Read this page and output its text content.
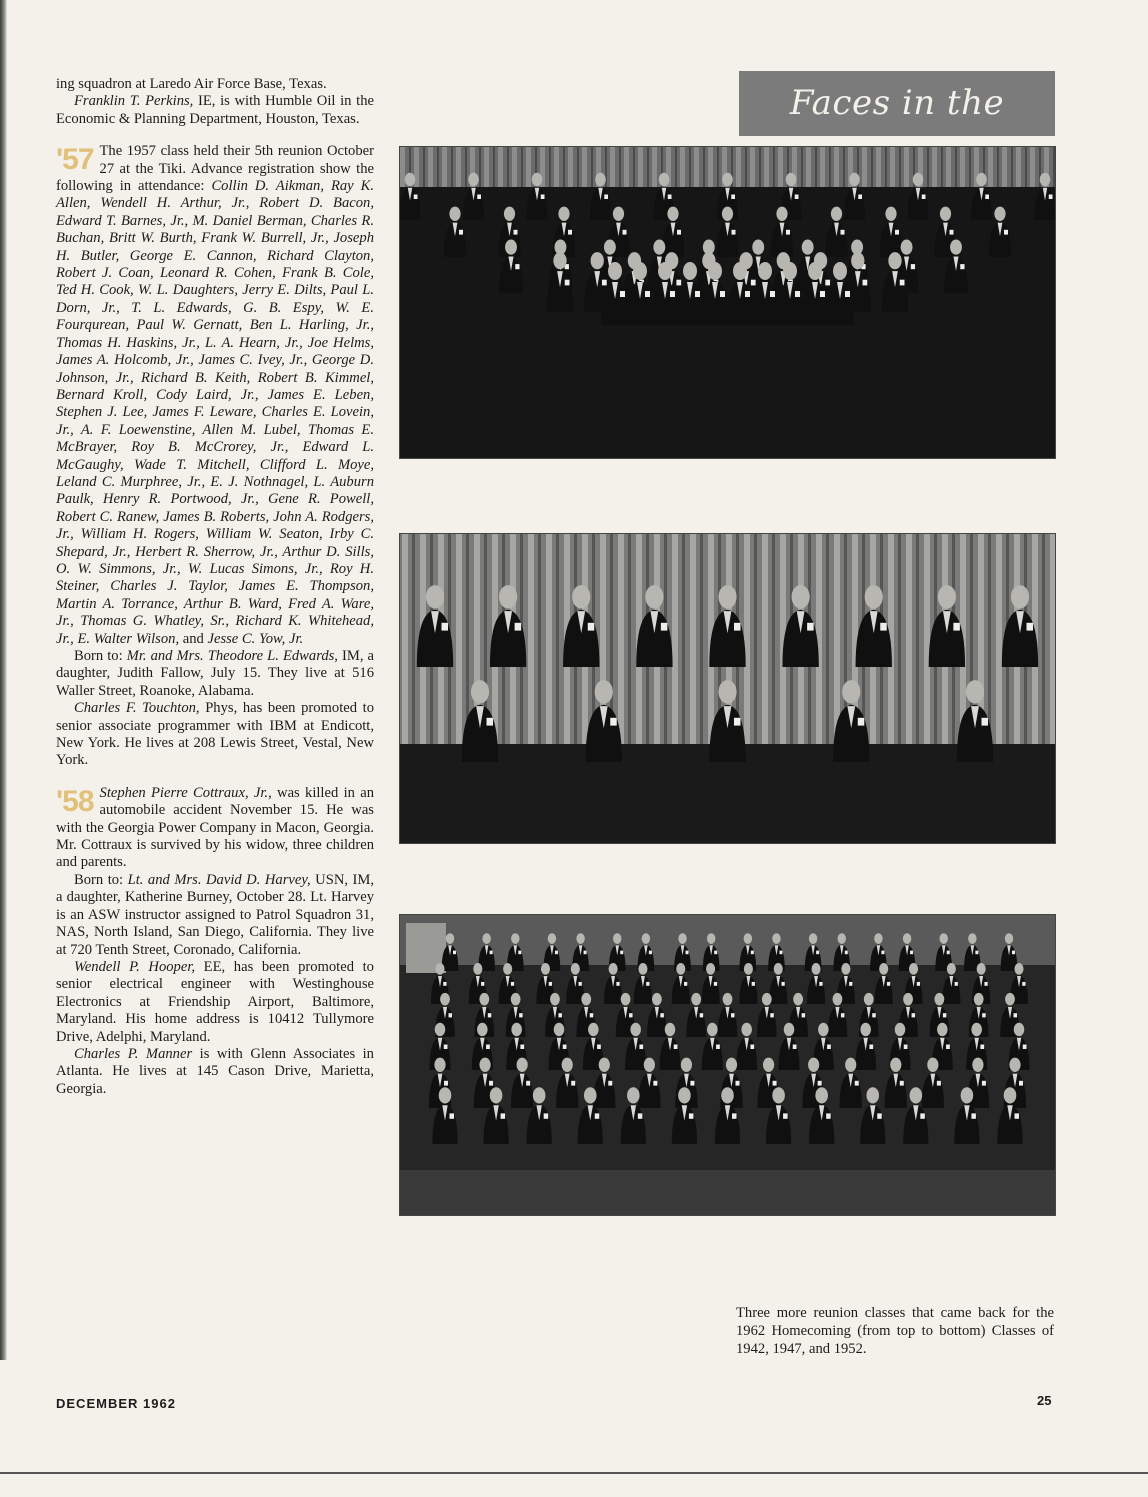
ing squadron at Laredo Air Force Base, Texas.

Franklin T. Perkins, IE, is with Humble Oil in the Economic & Planning Department, Houston, Texas.

'57 The 1957 class held their 5th reunion October 27 at the Tiki. Advance registration show the following in attendance: Collin D. Aikman, Ray K. Allen, Wendell H. Arthur, Jr., Robert D. Bacon, Edward T. Barnes, Jr., M. Daniel Berman, Charles R. Buchan, Britt W. Burth, Frank W. Burrell, Jr., Joseph H. Butler, George E. Cannon, Richard Clayton, Robert J. Coan, Leonard R. Cohen, Frank B. Cole, Ted H. Cook, W. L. Daughters, Jerry E. Dilts, Paul L. Dorn, Jr., T. L. Edwards, G. B. Espy, W. E. Fourqurean, Paul W. Gernatt, Ben L. Harling, Jr., Thomas H. Haskins, Jr., L. A. Hearn, Jr., Joe Helms, James A. Holcomb, Jr., James C. Ivey, Jr., George D. Johnson, Jr., Richard B. Keith, Robert B. Kimmel, Bernard Kroll, Cody Laird, Jr., James E. Leben, Stephen J. Lee, James F. Leware, Charles E. Lovein, Jr., A. F. Loewenstine, Allen M. Lubel, Thomas E. McBrayer, Roy B. McCrorey, Jr., Edward L. McGaughy, Wade T. Mitchell, Clifford L. Moye, Leland C. Murphree, Jr., E. J. Nothnagel, L. Auburn Paulk, Henry R. Portwood, Jr., Gene R. Powell, Robert C. Ranew, James B. Roberts, John A. Rodgers, Jr., William H. Rogers, William W. Seaton, Irby C. Shepard, Jr., Herbert R. Sherrow, Jr., Arthur D. Sills, O. W. Simmons, Jr., W. Lucas Simons, Jr., Roy H. Steiner, Charles J. Taylor, James E. Thompson, Martin A. Torrance, Arthur B. Ward, Fred A. Ware, Jr., Thomas G. Whatley, Sr., Richard K. Whitehead, Jr., E. Walter Wilson, and Jesse C. Yow, Jr.

Born to: Mr. and Mrs. Theodore L. Edwards, IM, a daughter, Judith Fallow, July 15. They live at 516 Waller Street, Roanoke, Alabama.

Charles F. Touchton, Phys, has been promoted to senior associate programmer with IBM at Endicott, New York. He lives at 208 Lewis Street, Vestal, New York.

'58 Stephen Pierre Cottraux, Jr., was killed in an automobile accident November 15. He was with the Georgia Power Company in Macon, Georgia. Mr. Cottraux is survived by his widow, three children and parents.

Born to: Lt. and Mrs. David D. Harvey, USN, IM, a daughter, Katherine Burney, October 28. Lt. Harvey is an ASW instructor assigned to Patrol Squadron 31, NAS, North Island, San Diego, California. They live at 720 Tenth Street, Coronado, California.

Wendell P. Hooper, EE, has been promoted to senior electrical engineer with Westinghouse Electronics at Friendship Airport, Baltimore, Maryland. His home address is 10412 Tullymore Drive, Adelphi, Maryland.

Charles P. Manner is with Glenn Associates in Atlanta. He lives at 145 Cason Drive, Marietta, Georgia.

Faces in the
Three more reunion classes that came back for the 1962 Homecoming (from top to bottom) Classes of 1942, 1947, and 1952.
DECEMBER 1962	25
